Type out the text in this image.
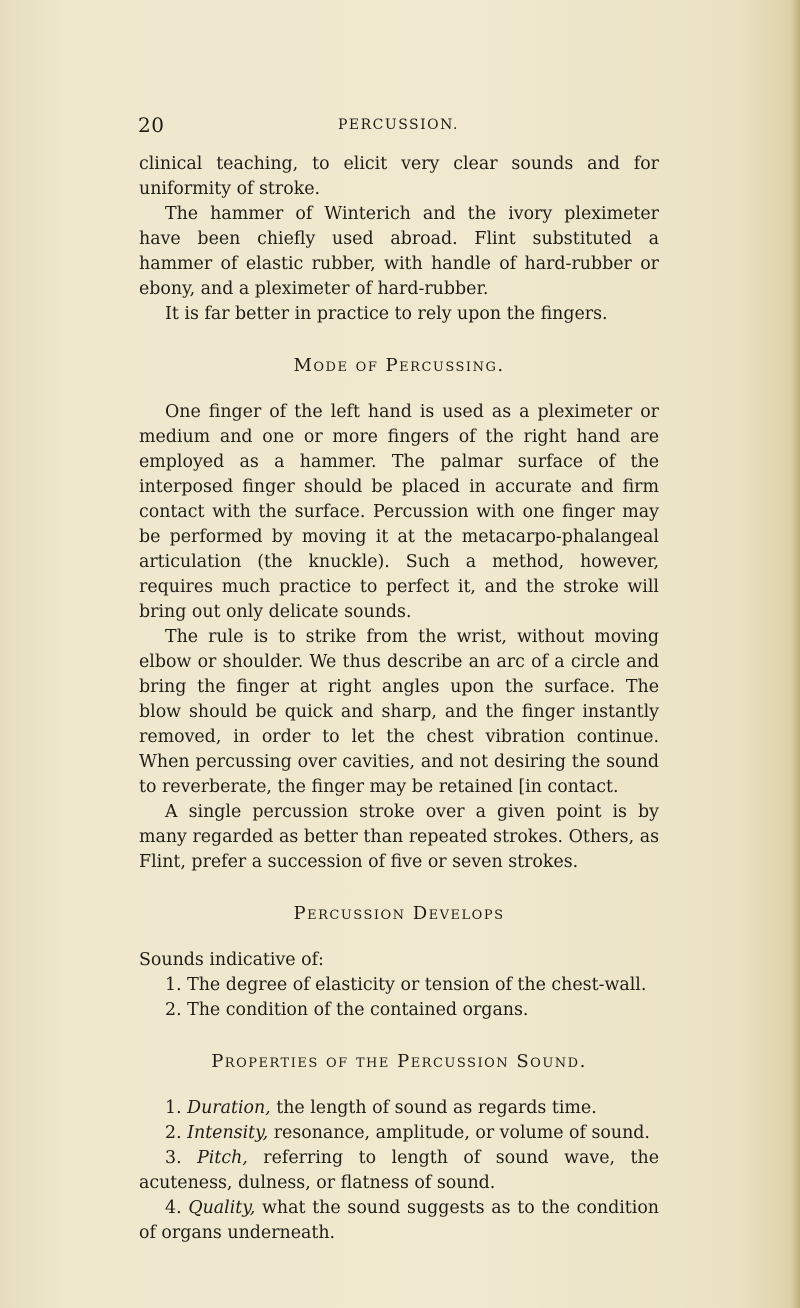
20	PERCUSSION.

clinical teaching, to elicit very clear sounds and for uniformity of stroke.

The hammer of Winterich and the ivory pleximeter have been chiefly used abroad. Flint substituted a hammer of elastic rubber, with handle of hard-rubber or ebony, and a pleximeter of hard-rubber.

It is far better in practice to rely upon the fingers.

Mode of Percussing.

One finger of the left hand is used as a pleximeter or medium and one or more fingers of the right hand are employed as a hammer. The palmar surface of the interposed finger should be placed in accurate and firm contact with the surface. Percussion with one finger may be performed by moving it at the metacarpo-phalangeal articulation (the knuckle). Such a method, however, requires much practice to perfect it, and the stroke will bring out only delicate sounds.

The rule is to strike from the wrist, without moving elbow or shoulder. We thus describe an arc of a circle and bring the finger at right angles upon the surface. The blow should be quick and sharp, and the finger instantly removed, in order to let the chest vibration continue. When percussing over cavities, and not desiring the sound to reverberate, the finger may be retained [in contact.

A single percussion stroke over a given point is by many regarded as better than repeated strokes. Others, as Flint, prefer a succession of five or seven strokes.

Percussion Develops

Sounds indicative of:

1. The degree of elasticity or tension of the chest-wall.

2. The condition of the contained organs.

Properties of the Percussion Sound.

1. Duration, the length of sound as regards time.

2. Intensity, resonance, amplitude, or volume of sound.

3. Pitch, referring to length of sound wave, the acuteness, dulness, or flatness of sound.

4. Quality, what the sound suggests as to the condition of organs underneath.
